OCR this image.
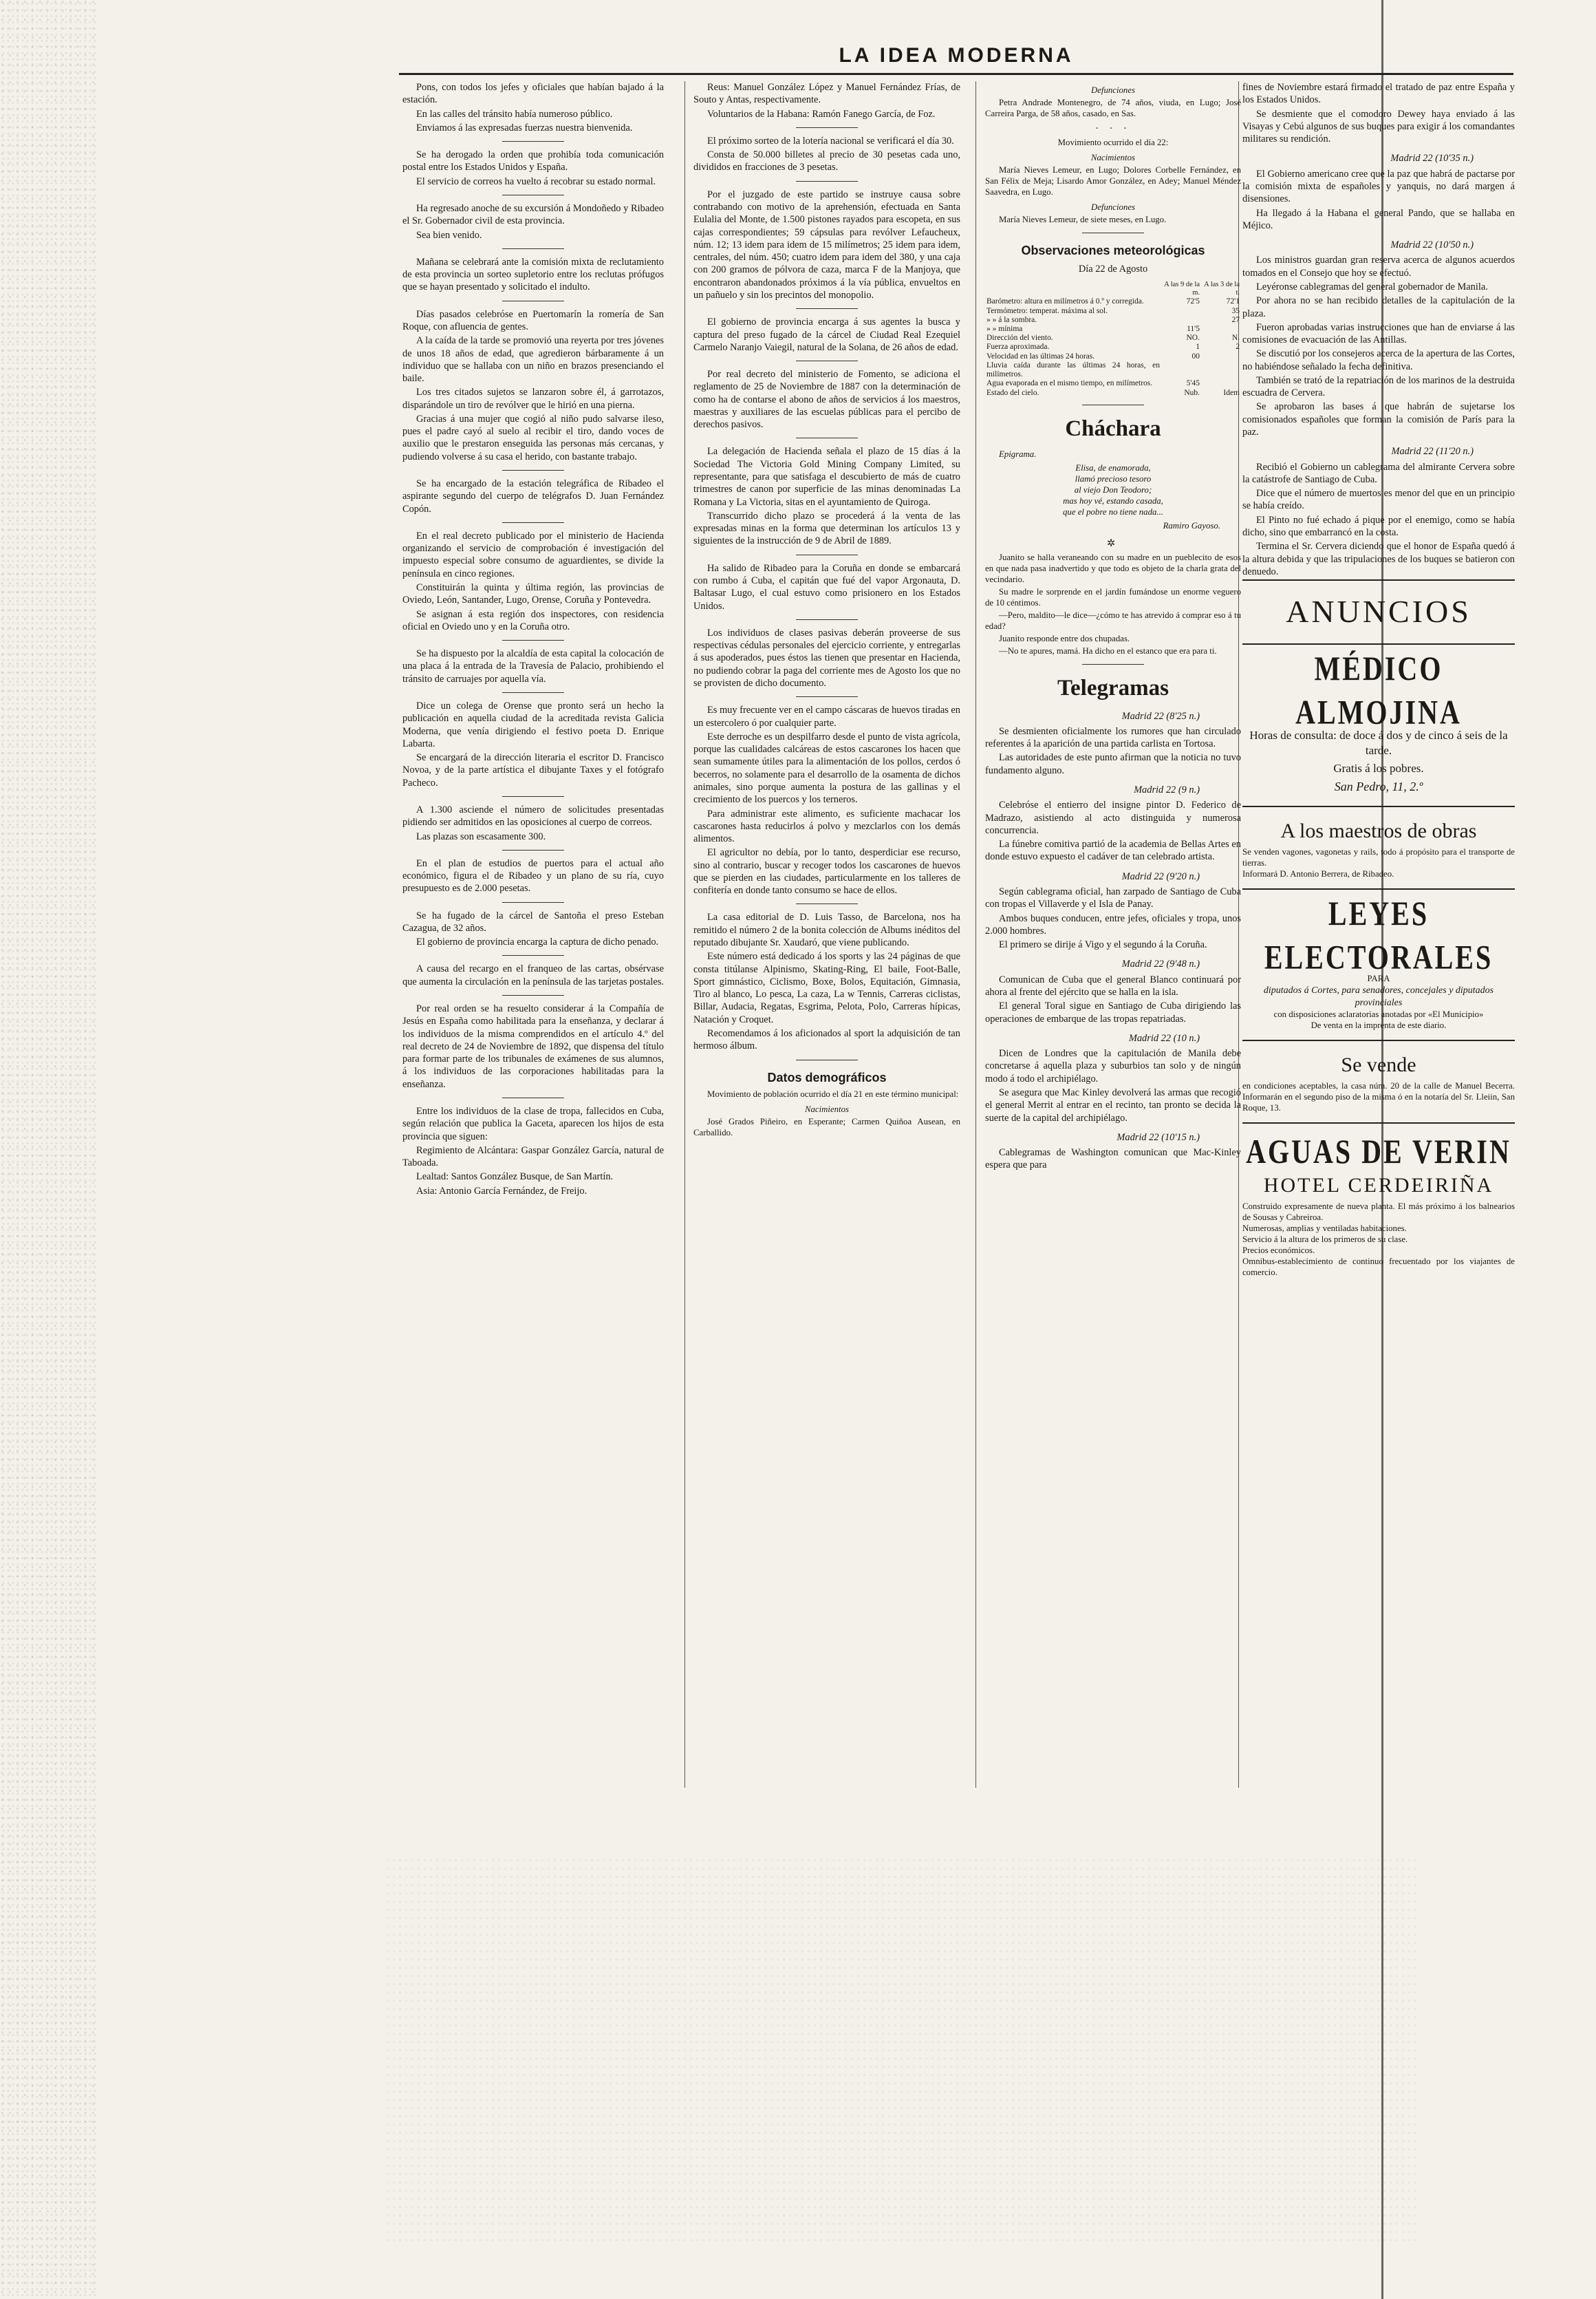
LA IDEA MODERNA

Pons, con todos los jefes y oficiales que habían bajado á la estación.

En las calles del tránsito había numeroso público.

Enviamos á las expresadas fuerzas nuestra bienvenida.

Se ha derogado la orden que prohibía toda comunicación postal entre los Estados Unidos y España.

El servicio de correos ha vuelto á recobrar su estado normal.

Ha regresado anoche de su excursión á Mondoñedo y Ribadeo el Sr. Gobernador civil de esta provincia.

Sea bien venido.

Mañana se celebrará ante la comisión mixta de reclutamiento de esta provincia un sorteo supletorio entre los reclutas prófugos que se hayan presentado y solicitado el indulto.

Días pasados celebróse en Puertomarín la romería de San Roque, con afluencia de gentes.

A la caída de la tarde se promovió una reyerta por tres jóvenes de unos 18 años de edad, que agredieron bárbaramente á un individuo que se hallaba con un niño en brazos presenciando el baile.

Los tres citados sujetos se lanzaron sobre él, á garrotazos, disparándole un tiro de revólver que le hirió en una pierna.

Gracias á una mujer que cogió al niño pudo salvarse ileso, pues el padre cayó al suelo al recibir el tiro, dando voces de auxilio que le prestaron enseguida las personas más cercanas, y pudiendo volverse á su casa el herido, con bastante trabajo.

Se ha encargado de la estación telegráfica de Ribadeo el aspirante segundo del cuerpo de telégrafos D. Juan Fernández Copón.

En el real decreto publicado por el ministerio de Hacienda organizando el servicio de comprobación é investigación del impuesto especial sobre consumo de aguardientes, se divide la península en cinco regiones.

Constituirán la quinta y última región, las provincias de Oviedo, León, Santander, Lugo, Orense, Coruña y Pontevedra.

Se asignan á esta región dos inspectores, con residencia oficial en Oviedo uno y en la Coruña otro.

Se ha dispuesto por la alcaldía de esta capital la colocación de una placa á la entrada de la Travesía de Palacio, prohibiendo el tránsito de carruajes por aquella vía.

Dice un colega de Orense que pronto será un hecho la publicación en aquella ciudad de la acreditada revista Galicia Moderna, que venía dirigiendo el festivo poeta D. Enrique Labarta.

Se encargará de la dirección literaria el escritor D. Francisco Novoa, y de la parte artística el dibujante Taxes y el fotógrafo Pacheco.

A 1.300 asciende el número de solicitudes presentadas pidiendo ser admitidos en las oposiciones al cuerpo de correos.

Las plazas son escasamente 300.

En el plan de estudios de puertos para el actual año económico, figura el de Ribadeo y un plano de su ría, cuyo presupuesto es de 2.000 pesetas.

Se ha fugado de la cárcel de Santoña el preso Esteban Cazagua, de 32 años.

El gobierno de provincia encarga la captura de dicho penado.

A causa del recargo en el franqueo de las cartas, obsérvase que aumenta la circulación en la península de las tarjetas postales.

Por real orden se ha resuelto considerar á la Compañía de Jesús en España como habilitada para la enseñanza, y declarar á los individuos de la misma comprendidos en el artículo 4.º del real decreto de 24 de Noviembre de 1892, que dispensa del título para formar parte de los tribunales de exámenes de sus alumnos, á los individuos de las corporaciones habilitadas para la enseñanza.

Entre los individuos de la clase de tropa, fallecidos en Cuba, según relación que publica la Gaceta, aparecen los hijos de esta provincia que siguen:

Regimiento de Alcántara: Gaspar González García, natural de Taboada.

Lealtad: Santos González Busque, de San Martín.

Asia: Antonio García Fernández, de Freijo.

Reus: Manuel González López y Manuel Fernández Frías, de Souto y Antas, respectivamente.

Voluntarios de la Habana: Ramón Fanego García, de Foz.

El próximo sorteo de la lotería nacional se verificará el día 30.

Consta de 50.000 billetes al precio de 30 pesetas cada uno, divididos en fracciones de 3 pesetas.

Por el juzgado de este partido se instruye causa sobre contrabando con motivo de la aprehensión, efectuada en Santa Eulalia del Monte, de 1.500 pistones rayados para escopeta, en sus cajas correspondientes; 59 cápsulas para revólver Lefaucheux, núm. 12; 13 idem para idem de 15 milímetros; 25 idem para idem, centrales, del núm. 450; cuatro idem para idem del 380, y una caja con 200 gramos de pólvora de caza, marca F de la Manjoya, que encontraron abandonados próximos á la vía pública, envueltos en un pañuelo y sin los precintos del monopolio.

El gobierno de provincia encarga á sus agentes la busca y captura del preso fugado de la cárcel de Ciudad Real Ezequiel Carmelo Naranjo Vaiegil, natural de la Solana, de 26 años de edad.

Por real decreto del ministerio de Fomento, se adiciona el reglamento de 25 de Noviembre de 1887 con la determinación de como ha de contarse el abono de años de servicios á los maestros, maestras y auxiliares de las escuelas públicas para el percibo de derechos pasivos.

La delegación de Hacienda señala el plazo de 15 días á la Sociedad The Victoria Gold Mining Company Limited, su representante, para que satisfaga el descubierto de más de cuatro trimestres de canon por superficie de las minas denominadas La Romana y La Victoria, sitas en el ayuntamiento de Quiroga.

Transcurrido dicho plazo se procederá á la venta de las expresadas minas en la forma que determinan los artículos 13 y siguientes de la instrucción de 9 de Abril de 1889.

Ha salido de Ribadeo para la Coruña en donde se embarcará con rumbo á Cuba, el capitán que fué del vapor Argonauta, D. Baltasar Lugo, el cual estuvo como prisionero en los Estados Unidos.

Los individuos de clases pasivas deberán proveerse de sus respectivas cédulas personales del ejercicio corriente, y entregarlas á sus apoderados, pues éstos las tienen que presentar en Hacienda, no pudiendo cobrar la paga del corriente mes de Agosto los que no se provisten de dicho documento.

Es muy frecuente ver en el campo cáscaras de huevos tiradas en un estercolero ó por cualquier parte.

Este derroche es un despilfarro desde el punto de vista agrícola, porque las cualidades calcáreas de estos cascarones los hacen que sean sumamente útiles para la alimentación de los pollos, cerdos ó becerros, no solamente para el desarrollo de la osamenta de dichos animales, sino porque aumenta la postura de las gallinas y el crecimiento de los puercos y los terneros.

Para administrar este alimento, es suficiente machacar los cascarones hasta reducirlos á polvo y mezclarlos con los demás alimentos.

El agricultor no debía, por lo tanto, desperdiciar ese recurso, sino al contrario, buscar y recoger todos los cascarones de huevos que se pierden en las ciudades, particularmente en los talleres de confitería en donde tanto consumo se hace de ellos.

La casa editorial de D. Luis Tasso, de Barcelona, nos ha remitido el número 2 de la bonita colección de Albums inéditos del reputado dibujante Sr. Xaudaró, que viene publicando.

Este número está dedicado á los sports y las 24 páginas de que consta titúlanse Alpinismo, Skating-Ring, El baile, Foot-Balle, Sport gimnástico, Ciclismo, Boxe, Bolos, Equitación, Gimnasia, Tiro al blanco, Lo pesca, La caza, La w Tennis, Carreras ciclistas, Billar, Audacia, Regatas, Esgrima, Pelota, Polo, Carreras hípicas, Natación y Croquet.

Recomendamos á los aficionados al sport la adquisición de tan hermoso álbum.

Datos demográficos

Movimiento de población ocurrido el día 21 en este término municipal:

Nacimientos

José Grados Piñeiro, en Esperante; Carmen Quiñoa Ausean, en Carballido.

Defunciones

Petra Andrade Montenegro, de 74 años, viuda, en Lugo; José Carreira Parga, de 58 años, casado, en Sas.

· · ·

Movimiento ocurrido el día 22:

Nacimientos

María Nieves Lemeur, en Lugo; Dolores Corbelle Fernández, en San Félix de Meja; Lisardo Amor González, en Adey; Manuel Méndez Saavedra, en Lugo.

Defunciones

María Nieves Lemeur, de siete meses, en Lugo.

Observaciones meteorológicas
Día 22 de Agosto
	A las 9 de la m.	A las 3 de la t.
Barómetro: altura en milímetros á 0.º y corregida.	72'5	72'1
Termómetro: temperat. máxima al sol.		35
» » á la sombra.		27
» » mínima	11'5	
Dirección del viento.	NO.	N.
Fuerza aproximada.	1	2
Velocidad en las últimas 24 horas.	00	
Lluvia caída durante las últimas 24 horas, en milímetros.		
Agua evaporada en el mismo tiempo, en milímetros.	5'45	
Estado del cielo.	Nub.	Idem
Cháchara
Epigrama.
Elisa, de enamorada,
llamó precioso tesoro
al viejo Don Teodoro;
mas hoy vé, estando casada,
que el pobre no tiene nada...
Ramiro Gayoso.
✲

Juanito se halla veraneando con su madre en un pueblecito de esos en que nada pasa inadvertido y que todo es objeto de la charla grata del vecindario.

Su madre le sorprende en el jardín fumándose un enorme veguero de 10 céntimos.

—Pero, maldito—le dice—¿cómo te has atrevido á comprar eso á tu edad?

Juanito responde entre dos chupadas.

—No te apures, mamá. Ha dicho en el estanco que era para ti.

Telegramas
Madrid 22 (8'25 n.)

Se desmienten oficialmente los rumores que han circulado referentes á la aparición de una partida carlista en Tortosa.

Las autoridades de este punto afirman que la noticia no tuvo fundamento alguno.

Madrid 22 (9 n.)

Celebróse el entierro del insigne pintor D. Federico de Madrazo, asistiendo al acto distinguida y numerosa concurrencia.

La fúnebre comitiva partió de la academia de Bellas Artes en donde estuvo expuesto el cadáver de tan celebrado artista.

Madrid 22 (9'20 n.)

Según cablegrama oficial, han zarpado de Santiago de Cuba con tropas el Villaverde y el Isla de Panay.

Ambos buques conducen, entre jefes, oficiales y tropa, unos 2.000 hombres.

El primero se dirije á Vigo y el segundo á la Coruña.

Madrid 22 (9'48 n.)

Comunican de Cuba que el general Blanco continuará por ahora al frente del ejército que se halla en la isla.

El general Toral sigue en Santiago de Cuba dirigiendo las operaciones de embarque de las tropas repatriadas.

Madrid 22 (10 n.)

Dicen de Londres que la capitulación de Manila debe concretarse á aquella plaza y suburbios tan solo y de ningún modo á todo el archipiélago.

Se asegura que Mac Kinley devolverá las armas que recogió el general Merrit al entrar en el recinto, tan pronto se decida la suerte de la capital del archipiélago.

Madrid 22 (10'15 n.)

Cablegramas de Washington comunican que Mac-Kinley espera que para

fines de Noviembre estará firmado el tratado de paz entre España y los Estados Unidos.

Se desmiente que el comodoro Dewey haya enviado á las Visayas y Cebú algunos de sus buques para exigir á los comandantes militares su rendición.

Madrid 22 (10'35 n.)

El Gobierno americano cree que la paz que habrá de pactarse por la comisión mixta de españoles y yanquis, no dará margen á disensiones.

Ha llegado á la Habana el general Pando, que se hallaba en Méjico.

Madrid 22 (10'50 n.)

Los ministros guardan gran reserva acerca de algunos acuerdos tomados en el Consejo que hoy se efectuó.

Leyéronse cablegramas del general gobernador de Manila.

Por ahora no se han recibido detalles de la capitulación de la plaza.

Fueron aprobadas varias instrucciones que han de enviarse á las comisiones de evacuación de las Antillas.

Se discutió por los consejeros acerca de la apertura de las Cortes, no habiéndose señalado la fecha definitiva.

También se trató de la repatriación de los marinos de la destruida escuadra de Cervera.

Se aprobaron las bases á que habrán de sujetarse los comisionados españoles que forman la comisión de París para la paz.

Madrid 22 (11'20 n.)

Recibió el Gobierno un cablegrama del almirante Cervera sobre la catástrofe de Santiago de Cuba.

Dice que el número de muertos es menor del que en un principio se había creído.

El Pinto no fué echado á pique por el enemigo, como se había dicho, sino que embarrancó en la costa.

Termina el Sr. Cervera diciendo que el honor de España quedó á la altura debida y que las tripulaciones de los buques se batieron con denuedo.

ANUNCIOS
MÉDICO ALMOJINA
Horas de consulta: de doce á dos y de cinco á seis de la tarde.
Gratis á los pobres.
San Pedro, 11, 2.º
A los maestros de obras
Se venden vagones, vagonetas y rails, todo á propósito para el transporte de tierras.
Informará D. Antonio Berrera, de Ribadeo.
LEYES ELECTORALES
PARA
diputados á Cortes, para senadores, concejales y diputados provinciales
con disposiciones aclaratorias anotadas por «El Municipio»
De venta en la imprenta de este diario.
Se vende
en condiciones aceptables, la casa núm. 20 de la calle de Manuel Becerra. Informarán en el segundo piso de la misma ó en la notaría del Sr. Lleiin, San Roque, 13.
AGUAS DE VERIN
HOTEL CERDEIRIÑA
Construido expresamente de nueva planta. El más próximo á los balnearios de Sousas y Cabreiroa.
Numerosas, amplias y ventiladas habitaciones.
Servicio á la altura de los primeros de su clase.
Precios económicos.
Omnibus-establecimiento de continuo frecuentado por los viajantes de comercio.
